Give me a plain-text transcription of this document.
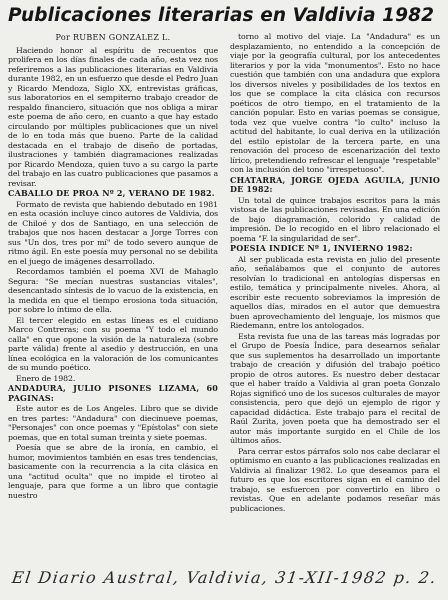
Publicaciones literarias en Valdivia 1982
Por RUBEN GONZALEZ L.

Haciendo honor al espíritu de recuentos que prolifera en los días finales de cada año, esta vez nos referiremos a las publicaciones literarias en Valdivia durante 1982, en un esfuerzo que desde el Pedro Juan y Ricardo Mendoza, Siglo XX, entrevistas gráficas, sus laboratorios en el sempiterno trabajo creador de respaldo financiero, situación que nos obliga a mirar este poema de año cero, en cuanto a que hay estado circulando por múltiples publicaciones que un nivel de lo en toda más que bueno. Parte de la calidad destacada en el trabajo de diseño de portadas, ilustraciones y también diagramaciones realizadas por Ricardo Mendoza, quien tuvo a su cargo la parte del trabajo en las cuatro publicaciones que pasamos a revisar.

CABALLO DE PROA Nº 2, VERANO DE 1982.

Formato de revista que habiendo debutado en 1981 en esta ocasión incluye cinco autores de Valdivia, dos de Chiloé y dos de Santiago, en una selección de trabajos que nos hacen destacar a Jorge Torres con sus "Un dos, tres por mí" de todo severo aunque de ritmo ágil. En este poesía muy personal no se debilita en el juego de imágenes desarrollado.

Recordamos también el poema XVI de Mahaglo Segura: "Se mecían nuestras sustancias vitales", desencantado síntesis de lo vacuo de la existencia, en la medida en que el tiempo erosiona toda situación, por sobre lo íntimo de ella.

El tercer elegido en estas líneas es el cuidiano Marco Contreras; con su poema "Y todo el mundo calla" en que opone la visión de la naturaleza (sobre parte válida) frente al asedio y destrucción, en una línea ecológica en la valoración de los comunicantes de su mundo poético.

Enero de 1982.

ANDADURA, JULIO PISONES LIZAMA, 60 PAGINAS:

Este autor es de Los Angeles. Libro que se divide en tres partes: "Andadura" con diecinueve poemas, "Personajes" con once poemas y "Epístolas" con siete poemas, que en total suman treinta y siete poemas.

Poesía que se abre de la ironía, en cambio, el humor, movimientos también en esas tres tendencias, basicamente con la recurrencia a la cita clásica en una "actitud oculta" que no impide el tiroteo al lenguaje, para que forme a un libro que contagie nuestro

torno al motivo del viaje. La "Andadura" es un desplazamiento, no entendido a la concepción de viaje por la geografía cultural, por los antecedentes literarios y por la vida "monumentos". Esto no hace cuestión que también con una andadura que explora los diversos niveles y posibilidades de los textos en los que se complace la cita clásica con recursos poéticos de otro tiempo, en el tratamiento de la canción popular. Esto en varias poemas se consigue, toda vez que vuelve contra "lo culto" incluso la actitud del habitante, lo cual deriva en la utilización del estilo epistolar de la tercera parte, en una renovación del proceso de escenarización del texto lírico, pretendiendo refrescar el lenguaje "respetable" con la inclusión del tono "irrespetuoso".

CHATARRA, JORGE OJEDA AGUILA, JUNIO DE 1982:

Un total de quince trabajos escritos para la más vistosa de las publicaciones revisadas. En una edición de bajo diagramación, colorido y calidad de impresión. De lo recogido en el libro relacionado el poema "F. la singularidad de ser".

POESIA INDICE Nº 1, INVIERNO 1982:

Al ser publicada esta revista en julio del presente año, señalábamos que el conjunto de autores resolvían lo tradicional en antologías dispersas en estilo, temática y principalmente niveles. Ahora, al escribir este recuento sobreviamos la impresión de aquellos días, mirados en el autor que demuestra buen aprovechamiento del lenguaje, los mismos que Riedemann, entre los antologados.

Esta revista fue una de las tareas más logradas por el Grupo de Poesía Índice, para desearnos señalar que sus suplementos ha desarrollado un importante trabajo de creación y difusión del trabajo poético propio de otros autores. Es nuestro deber destacar que el haber traído a Valdivia al gran poeta Gonzalo Rojas significó uno de los sucesos culturales de mayor consistencia, pero que dejó un ejemplo de rigor y capacidad didáctica. Este trabajo para el recital de Raúl Zurita, joven poeta que ha demostrado ser el autor más importante surgido en el Chile de los últimos años.

Para cerrar estos párrafos solo nos cabe declarar el optimismo en cuanto a las publicaciones realizadas en Valdivia al finalizar 1982. Lo que deseamos para el futuro es que los escritores sigan en el camino del trabajo, se esfuercen por convertirlo en libro o revistas. Que en adelante podamos reseñar más publicaciones.

El Diario Austral, Valdivia, 31-XII-1982 p. 2.
